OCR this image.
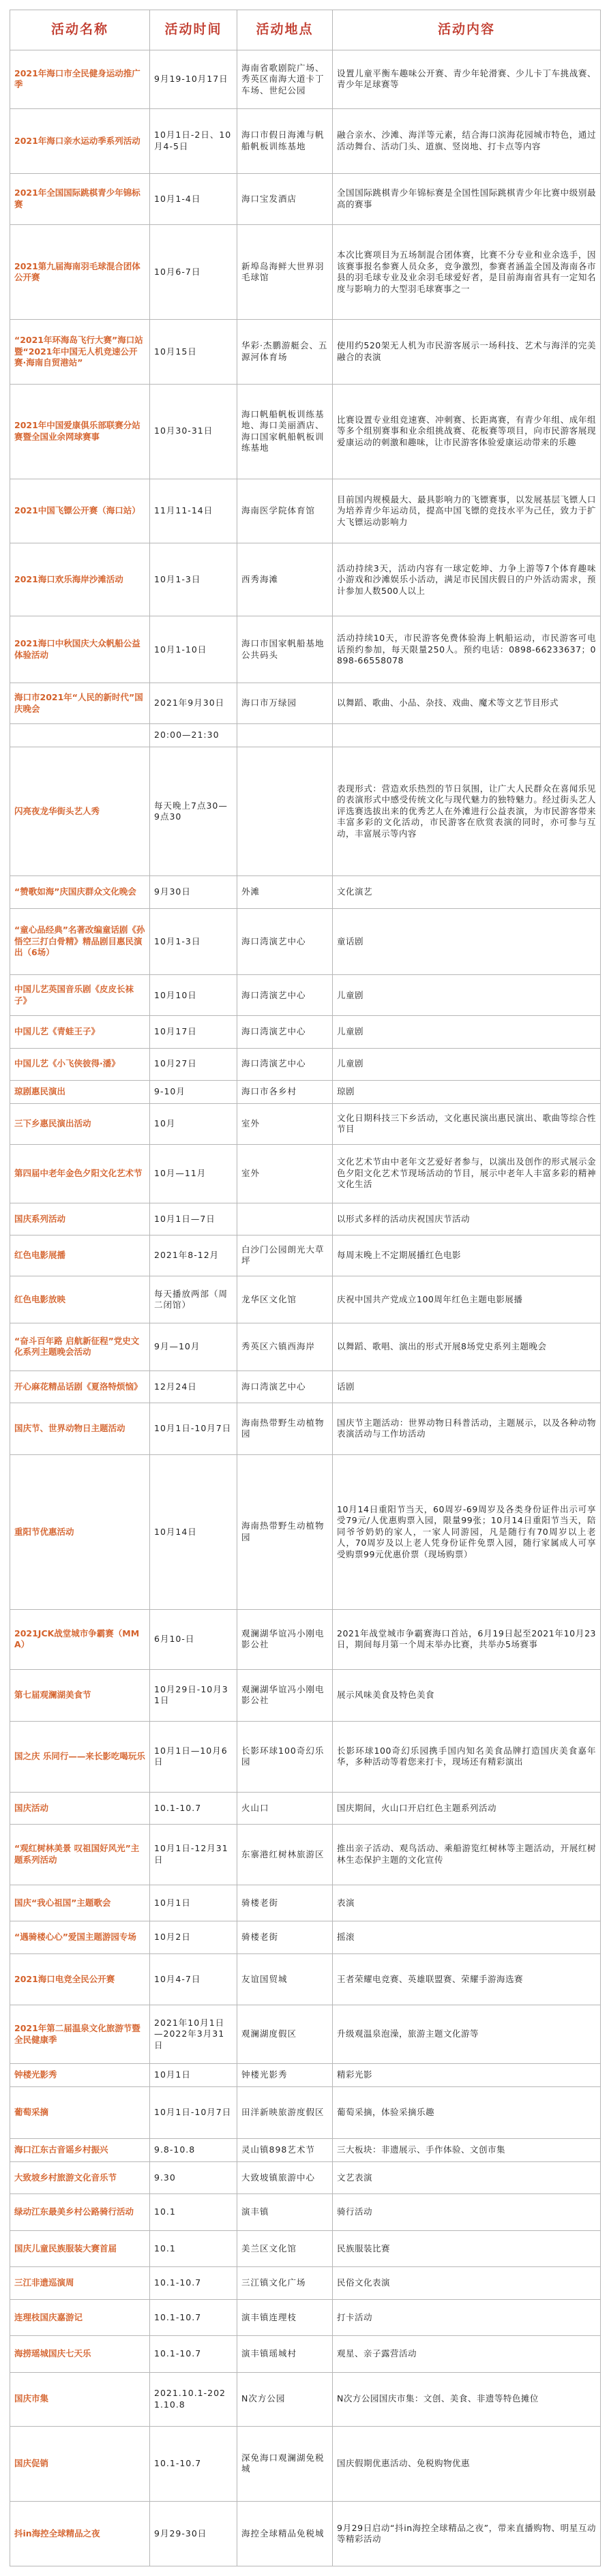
活动名称	活动时间	活动地点	活动内容
2021年海口市全民健身运动推广季	9月19-10月17日	海南省歌剧院广场、秀英区南海大道卡丁车场、世纪公园	设置儿童平衡车趣味公开赛、青少年轮滑赛、少儿卡丁车挑战赛、青少年足球赛等
2021年海口亲水运动季系列活动	10月1日-2日、10月4-5日	海口市假日海滩与帆船帆板训练基地	融合亲水、沙滩、海洋等元素，结合海口滨海花园城市特色，通过活动舞台、活动门头、道旗、竖岗地、打卡点等内容
2021年全国国际跳棋青少年锦标赛	10月1-4日	海口宝发酒店	全国国际跳棋青少年锦标赛是全国性国际跳棋青少年比赛中级别最高的赛事
2021第九届海南羽毛球混合团体公开赛	10月6-7日	新埠岛海鲜大世界羽毛球馆	本次比赛项目为五场制混合团体赛，比赛不分专业和业余选手，因该赛事报名参赛人员众多，竞争激烈，参赛者涵盖全国及海南各市县的羽毛球专业及业余羽毛球爱好者，是目前海南省具有一定知名度与影响力的大型羽毛球赛事之一
“2021年环海岛飞行大赛”海口站暨“2021年中国无人机竞速公开赛·海南自贸港站”	10月15日	华彩·杰鹏游艇会、五源河体育场	使用约520架无人机为市民游客展示一场科技、艺术与海洋的完美融合的表演
2021年中国爱康俱乐部联赛分站赛暨全国业余网球赛事	10月30-31日	海口帆船帆板训练基地、海口美丽酒店、海口国家帆船帆板训练基地	比赛设置专业组竞速赛、冲刺赛、长距离赛，有青少年组、成年组等多个组别赛事和业余组挑战赛、花板赛等项目，向市民游客展现爱康运动的刺激和趣味，让市民游客体验爱康运动带来的乐趣
2021中国飞镖公开赛（海口站）	11月11-14日	海南医学院体育馆	目前国内规模最大、最具影响力的飞镖赛事，以发展基层飞镖人口为培养青少年运动员，提高中国飞镖的竞技水平为己任，致力于扩大飞镖运动影响力
2021海口欢乐海岸沙滩活动	10月1-3日	西秀海滩	活动持续3天，活动内容有一球定乾坤、力争上游等7个体育趣味小游戏和沙滩娱乐小活动，满足市民国庆假日的户外活动需求，预计参加人数500人以上
2021海口中秋国庆大众帆船公益体验活动	10月1-10日	海口市国家帆船基地公共码头	活动持续10天，市民游客免费体验海上帆船运动，市民游客可电话预约参加，每天限量250人。预约电话：0898-66233637；0898-66558078
海口市2021年“人民的新时代”国庆晚会	2021年9月30日	海口市万绿园	以舞蹈、歌曲、小品、杂技、戏曲、魔术等文艺节目形式
	20:00—21:30		
闪亮夜龙华街头艺人秀	每天晚上7点30—9点30		表现形式：营造欢乐热烈的节日氛围，让广大人民群众在喜闻乐见的表演形式中感受传统文化与现代魅力的独特魅力。经过街头艺人评选赛选拔出来的优秀艺人在外滩进行公益表演，为市民游客带来丰富多彩的文化活动，市民游客在欣赏表演的同时，亦可参与互动，丰富展示等内容
“赞歌如海”庆国庆群众文化晚会	9月30日	外滩	文化演艺
“童心品经典”名著改编童话剧《孙悟空三打白骨精》精品剧目惠民演出（6场）	10月1-3日	海口湾演艺中心	童话剧
中国儿艺英国音乐剧《皮皮长袜子》	10月10日	海口湾演艺中心	儿童剧
中国儿艺《青蛙王子》	10月17日	海口湾演艺中心	儿童剧
中国儿艺《小飞侠彼得·潘》	10月27日	海口湾演艺中心	儿童剧
琼剧惠民演出	9-10月	海口市各乡村	琼剧
三下乡惠民演出活动	10月	室外	文化日期科技三下乡活动，文化惠民演出惠民演出、歌曲等综合性节目
第四届中老年金色夕阳文化艺术节	10月—11月	室外	文化艺术节由中老年文艺爱好者参与，以演出及创作的形式展示金色夕阳文化艺术节现场活动的节目，展示中老年人丰富多彩的精神文化生活
国庆系列活动	10月1日—7日		以形式多样的活动庆祝国庆节活动
红色电影展播	2021年8-12月	白沙门公园朗光大草坪	每周末晚上不定期展播红色电影
红色电影放映	每天播放两部（周二闭馆）	龙华区文化馆	庆祝中国共产党成立100周年红色主题电影展播
“奋斗百年路 启航新征程”党史文化系列主题晚会活动	9月—10月	秀英区六镇西海岸	以舞蹈、歌唱、演出的形式开展8场党史系列主题晚会
开心麻花精品话剧《夏洛特烦恼》	12月24日	海口湾演艺中心	话剧
国庆节、世界动物日主题活动	10月1日-10月7日	海南热带野生动植物园	国庆节主题活动：世界动物日科普活动，主题展示，以及各种动物表演活动与工作坊活动
重阳节优惠活动	10月14日	海南热带野生动植物园	10月14日重阳节当天，60周岁-69周岁及各类身份证件出示可享受79元/人优惠购票入园，限量99张；10月14日重阳节当天，陪同爷爷奶奶的家人，一家人同游园，凡是随行有70周岁以上老人，70周岁及以上老人凭身份证件免票入园，随行家属成人可享受购票99元优惠价票（现场购票）
2021JCK战堂城市争霸赛（MMA）	6月10-日	观澜湖华谊冯小刚电影公社	2021年战堂城市争霸赛海口首站，6月19日起至2021年10月23日，期间每月第一个周末举办比赛，共举办5场赛事
第七届观澜湖美食节	10月29日-10月31日	观澜湖华谊冯小刚电影公社	展示风味美食及特色美食
国之庆 乐同行——来长影吃喝玩乐	10月1日—10月6日	长影环球100奇幻乐园	长影环球100奇幻乐园携手国内知名美食品牌打造国庆美食嘉年华，多种活动等着您来打卡，现场还有精彩演出
国庆活动	10.1-10.7	火山口	国庆期间，火山口开启红色主题系列活动
“观红树林美景 叹祖国好风光”主题系列活动	10月1日-12月31日	东寨港红树林旅游区	推出亲子活动、观鸟活动、乘船游览红树林等主题活动，开展红树林生态保护主题的文化宣传
国庆“我心祖国”主题歌会	10月1日	骑楼老街	表演
“遇骑楼心心”爱国主题游园专场	10月2日	骑楼老街	摇滚
2021海口电竞全民公开赛	10月4-7日	友谊国贸城	王者荣耀电竞赛、英雄联盟赛、荣耀手游海选赛
2021年第二届温泉文化旅游节暨全民健康季	2021年10月1日—2022年3月31日	观澜湖度假区	升级观温泉泡澡，旅游主题文化游等
钟楼光影秀	10月1日	钟楼光影秀	精彩光影
葡萄采摘	10月1日-10月7日	田洋新映旅游度假区	葡萄采摘，体验采摘乐趣
海口江东古音谣乡村振兴	9.8-10.8	灵山镇898艺术节	三大板块：非遗展示、手作体验、文创市集
大致坡乡村旅游文化音乐节	9.30	大致坡镇旅游中心	文艺表演
绿动江东最美乡村公路骑行活动	10.1	演丰镇	骑行活动
国庆儿童民族服装大赛首届	10.1	美兰区文化馆	民族服装比赛
三江非遗巡演周	10.1-10.7	三江镇文化广场	民俗文化表演
连理枝国庆嘉游记	10.1-10.7	演丰镇连理枝	打卡活动
海捞瑶城国庆七天乐	10.1-10.7	演丰镇瑶城村	观星、亲子露营活动
国庆市集	2021.10.1-2021.10.8	N次方公园	N次方公园国庆市集：文创、美食、非遗等特色摊位
国庆促销	10.1-10.7	深免海口观澜湖免税城	国庆假期优惠活动、免税购物优惠
抖in海控全球精品之夜	9月29-30日	海控全球精品免税城	9月29日启动“抖in海控全球精品之夜”，带来直播购物、明星互动等精彩活动
